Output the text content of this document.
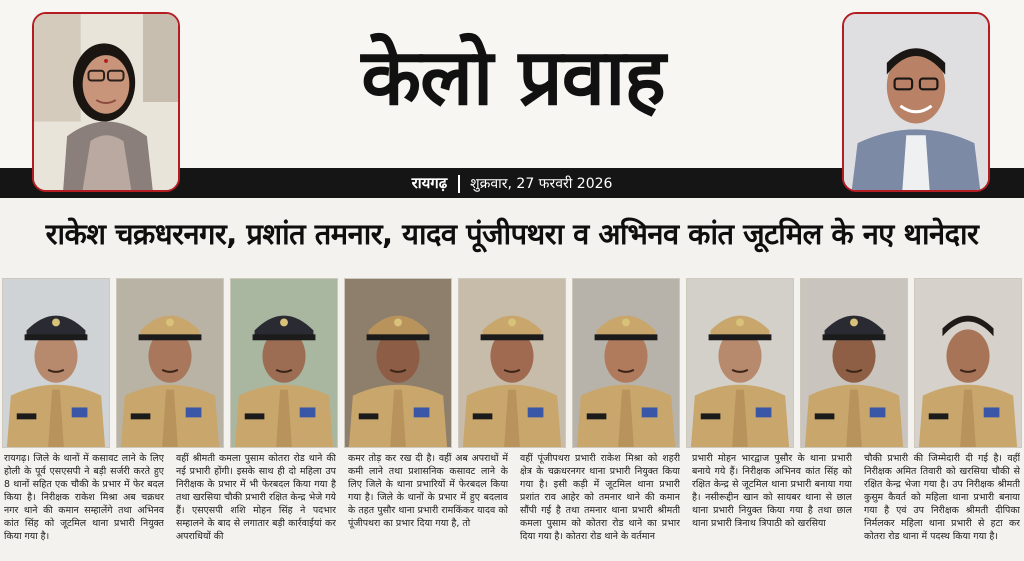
केलो प्रवाह
रायगढ़ शुक्रवार, 27 फरवरी 2026
राकेश चक्रधरनगर, प्रशांत तमनार, यादव पूंजीपथरा व अभिनव कांत जूटमिल के नए थानेदार
रायगढ़। जिले के थानों में कसावट लाने के लिए होली के पूर्व एसएसपी ने बड़ी सर्जरी करते हुए 8 थानों सहित एक चौकी के प्रभार में फेर बदल किया है। निरीक्षक राकेश मिश्रा अब चक्रधर नगर थाने की कमान सम्हालेंगे तथा अभिनव कांत सिंह को जूटमिल थाना प्रभारी नियुक्त किया गया है।
वहीं श्रीमती कमला पुसाम कोतरा रोड थाने की नई प्रभारी होंगी। इसके साथ ही दो महिला उप निरीक्षक के प्रभार में भी फेरबदल किया गया है तथा खरसिया चौकी प्रभारी रक्षित केन्द्र भेजे गये हैं। एसएसपी शशि मोहन सिंह ने पदभार सम्हालने के बाद से लगातार बड़ी कार्रवाईयां कर अपराधियों की
कमर तोड़ कर रख दी है। वहीं अब अपराधों में कमी लाने तथा प्रशासनिक कसावट लाने के लिए जिले के थाना प्रभारियों में फेरबदल किया गया है। जिले के थानों के प्रभार में हुए बदलाव के तहत पुसौर थाना प्रभारी रामकिंकर यादव को पूंजीपथरा का प्रभार दिया गया है, तो
वहीं पूंजीपथरा प्रभारी राकेश मिश्रा को शहरी क्षेत्र के चक्रधरनगर थाना प्रभारी नियुक्त किया गया है। इसी कड़ी में जूटमिल थाना प्रभारी प्रशांत राव आहेर को तमनार थाने की कमान सौंपी गई है तथा तमनार थाना प्रभारी श्रीमती कमला पुसाम को कोतरा रोड थाने का प्रभार दिया गया है। कोतरा रोड थाने के वर्तमान
प्रभारी मोहन भारद्वाज पुसौर के थाना प्रभारी बनाये गये हैं। निरीक्षक अभिनव कांत सिंह को रक्षित केन्द्र से जूटमिल थाना प्रभारी बनाया गया है। नसीरूद्दीन खान को सायबर थाना से छाल थाना प्रभारी नियुक्त किया गया है तथा छाल थाना प्रभारी त्रिनाथ त्रिपाठी को खरसिया
चौकी प्रभारी की जिम्मेदारी दी गई है। वहीं निरीक्षक अमित तिवारी को खरसिया चौकी से रक्षित केन्द्र भेजा गया है। उप निरीक्षक श्रीमती कुसुम कैवर्त को महिला थाना प्रभारी बनाया गया है एवं उप निरीक्षक श्रीमती दीपिका निर्मलकर महिला थाना प्रभारी से हटा कर कोतरा रोड थाना में पदस्थ किया गया है।
